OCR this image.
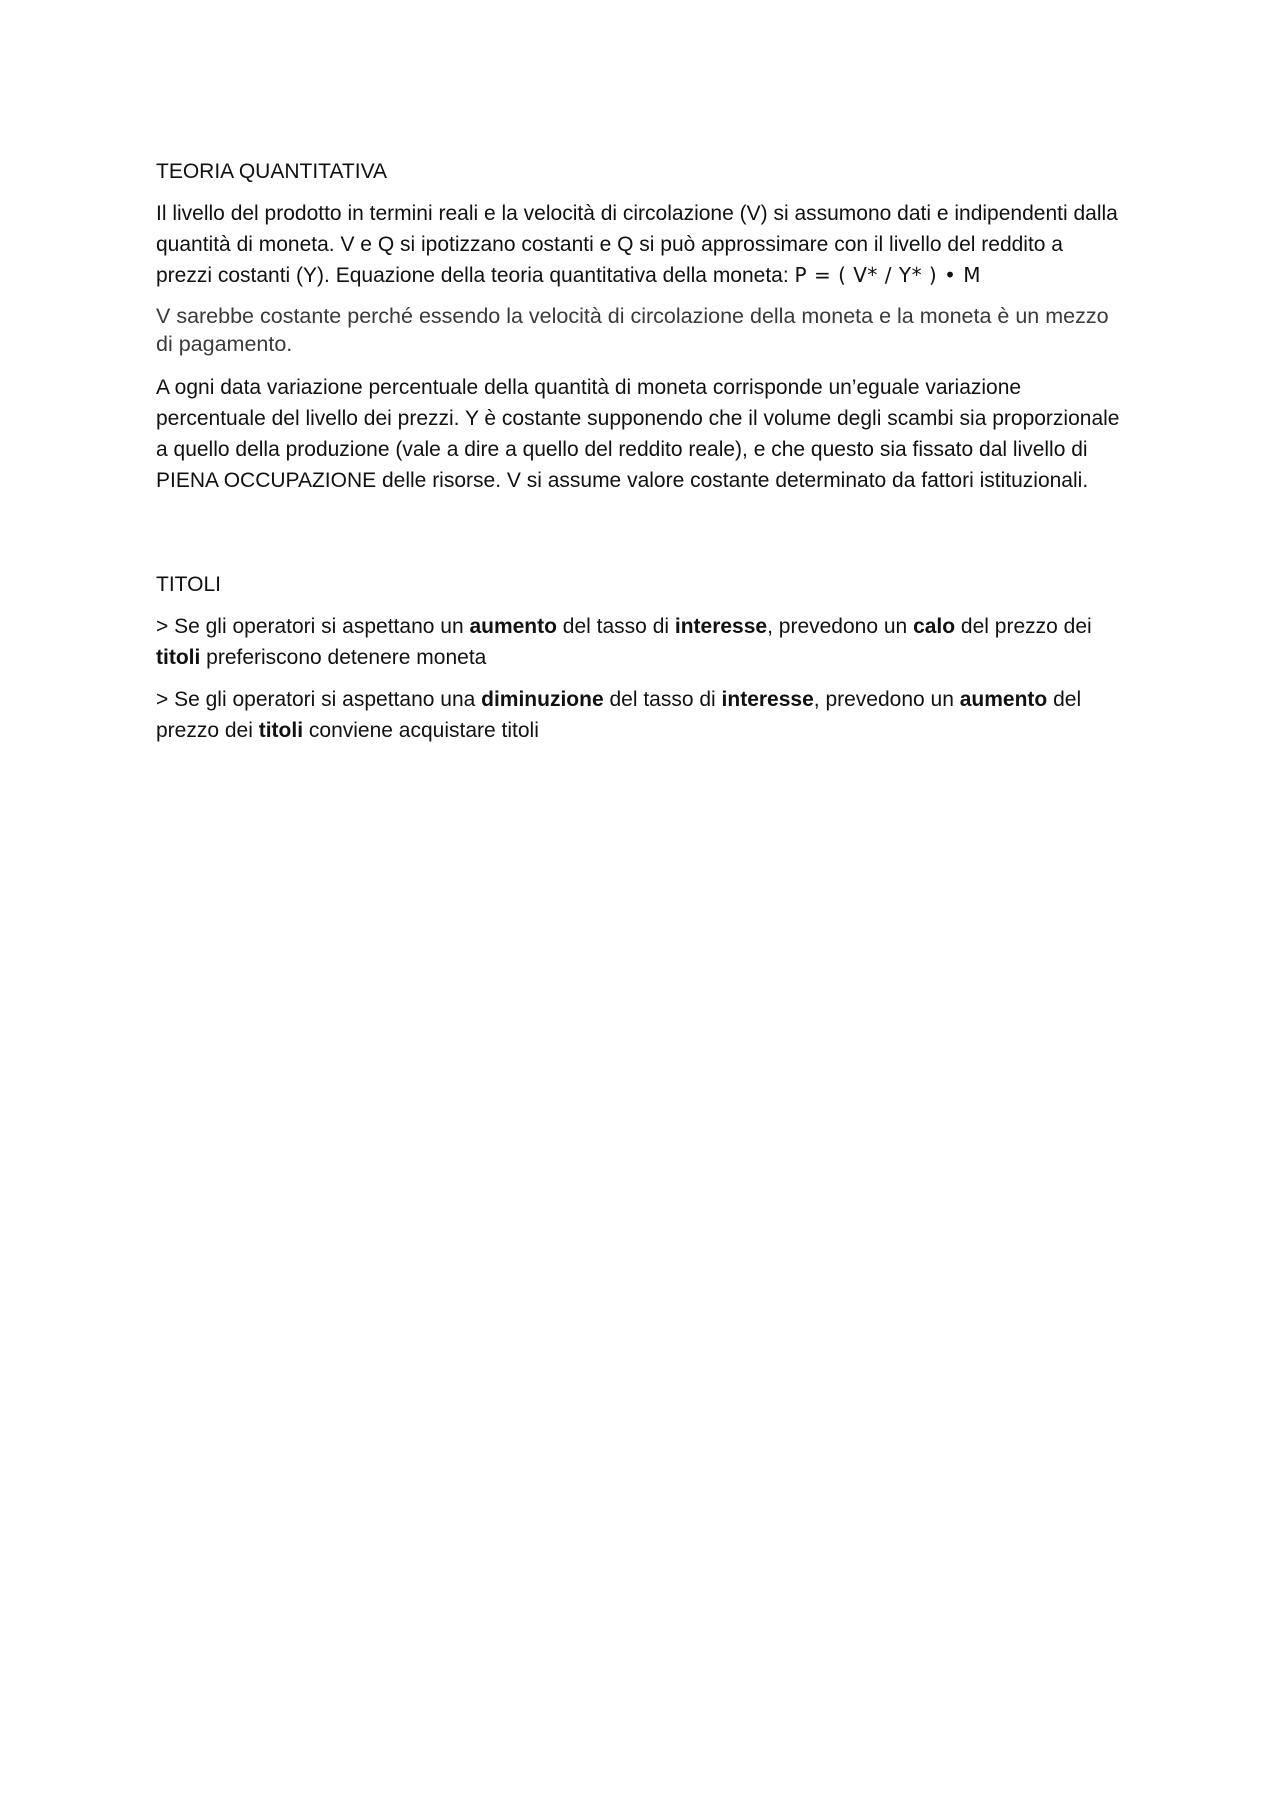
TEORIA QUANTITATIVA
Il livello del prodotto in termini reali e la velocità di circolazione (V) si assumono dati e indipendenti dalla quantità di moneta. V e Q si ipotizzano costanti e Q si può approssimare con il livello del reddito a prezzi costanti (Y). Equazione della teoria quantitativa della moneta: P = ( V* / Y* ) • M
V sarebbe costante perché essendo la velocità di circolazione della moneta e la moneta è un mezzo di pagamento.
A ogni data variazione percentuale della quantità di moneta corrisponde un’eguale variazione percentuale del livello dei prezzi. Y è costante supponendo che il volume degli scambi sia proporzionale a quello della produzione (vale a dire a quello del reddito reale), e che questo sia fissato dal livello di PIENA OCCUPAZIONE delle risorse. V si assume valore costante determinato da fattori istituzionali.
TITOLI
> Se gli operatori si aspettano un aumento del tasso di interesse, prevedono un calo del prezzo dei titoli preferiscono detenere moneta
> Se gli operatori si aspettano una diminuzione del tasso di interesse, prevedono un aumento del prezzo dei titoli conviene acquistare titoli
